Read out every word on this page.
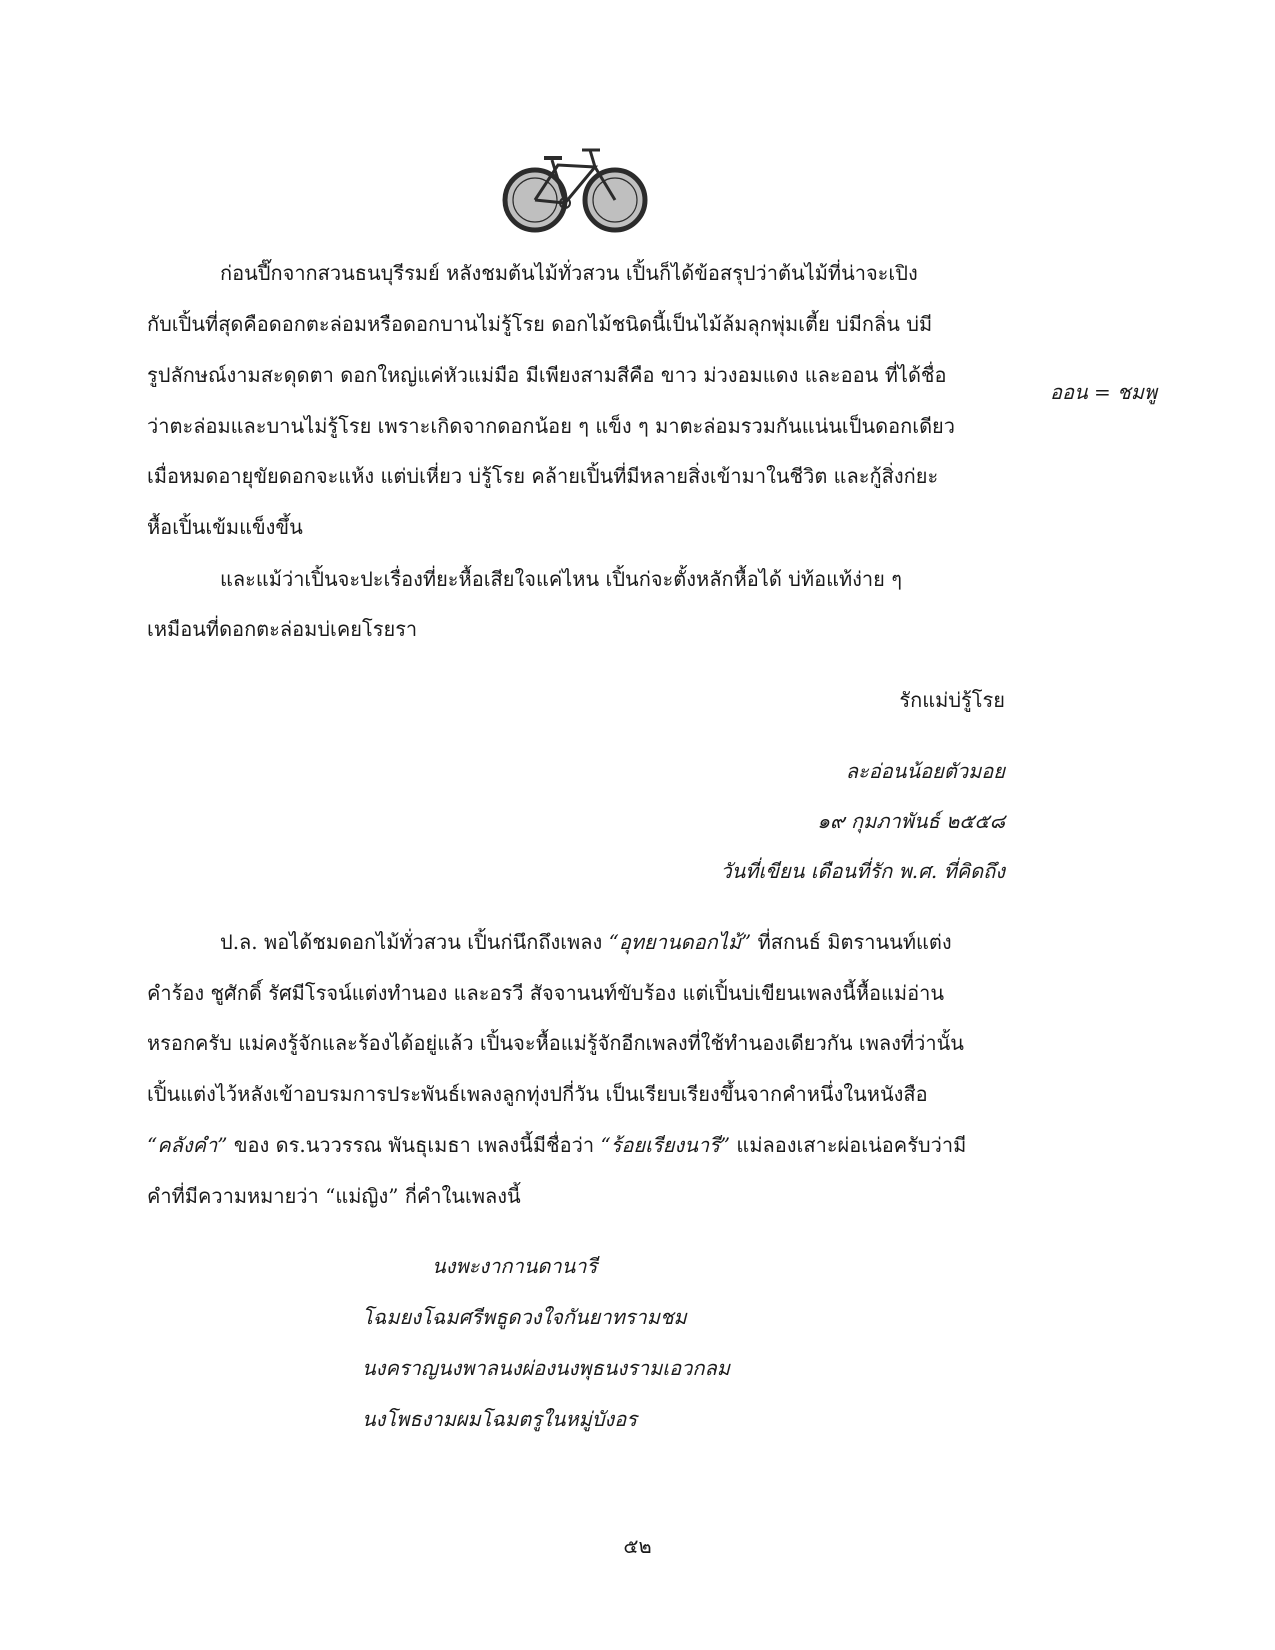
ก่อนปี๊กจากสวนธนบุรีรมย์ หลังชมต้นไม้ทั่วสวน เปิ้นก็ได้ข้อสรุปว่าต้นไม้ที่น่าจะเปิง
กับเปิ้นที่สุดคือดอกตะล่อมหรือดอกบานไม่รู้โรย ดอกไม้ชนิดนี้เป็นไม้ล้มลุกพุ่มเตี้ย บ่มีกลิ่น บ่มี
รูปลักษณ์งามสะดุดตา ดอกใหญ่แค่หัวแม่มือ มีเพียงสามสีคือ ขาว ม่วงอมแดง และออน ที่ได้ชื่อ
ว่าตะล่อมและบานไม่รู้โรย เพราะเกิดจากดอกน้อย ๆ แข็ง ๆ มาตะล่อมรวมกันแน่นเป็นดอกเดียว
เมื่อหมดอายุขัยดอกจะแห้ง แต่บ่เหี่ยว บ่รู้โรย คล้ายเปิ้นที่มีหลายสิ่งเข้ามาในชีวิต และกู้สิ่งก่ยะ
หื้อเปิ้นเข้มแข็งขึ้น
ออน = ชมพู
และแม้ว่าเปิ้นจะปะเรื่องที่ยะหื้อเสียใจแค่ไหน เปิ้นก่จะตั้งหลักหื้อได้ บ่ท้อแท้ง่าย ๆ
เหมือนที่ดอกตะล่อมบ่เคยโรยรา
รักแม่บ่รู้โรย
ละอ่อนน้อยตัวมอย
๑๙ กุมภาพันธ์ ๒๕๕๘
วันที่เขียน เดือนที่รัก พ.ศ. ที่คิดถึง
ป.ล. พอได้ชมดอกไม้ทั่วสวน เปิ้นก่นึกถึงเพลง “อุทยานดอกไม้” ที่สกนธ์ มิตรานนท์แต่ง
คำร้อง ชูศักดิ์ รัศมีโรจน์แต่งทำนอง และอรวี สัจจานนท์ขับร้อง แต่เปิ้นบ่เขียนเพลงนี้หื้อแม่อ่าน
หรอกครับ แม่คงรู้จักและร้องได้อยู่แล้ว เปิ้นจะหื้อแม่รู้จักอีกเพลงที่ใช้ทำนองเดียวกัน เพลงที่ว่านั้น
เปิ้นแต่งไว้หลังเข้าอบรมการประพันธ์เพลงลูกทุ่งปกี่วัน เป็นเรียบเรียงขึ้นจากคำหนึ่งในหนังสือ
“คลังคำ” ของ ดร.นววรรณ พันธุเมธา เพลงนี้มีชื่อว่า “ร้อยเรียงนารี” แม่ลองเสาะผ่อเน่อครับว่ามี
คำที่มีความหมายว่า “แม่ญิง” กี่คำในเพลงนี้
นงพะงากานดานารี
โฉมยงโฉมศรีพธูดวงใจกันยาทรามชม
นงคราญนงพาลนงผ่องนงพุธนงรามเอวกลม
นงโพธงามผมโฉมตรูในหมู่บังอร
๕๒
